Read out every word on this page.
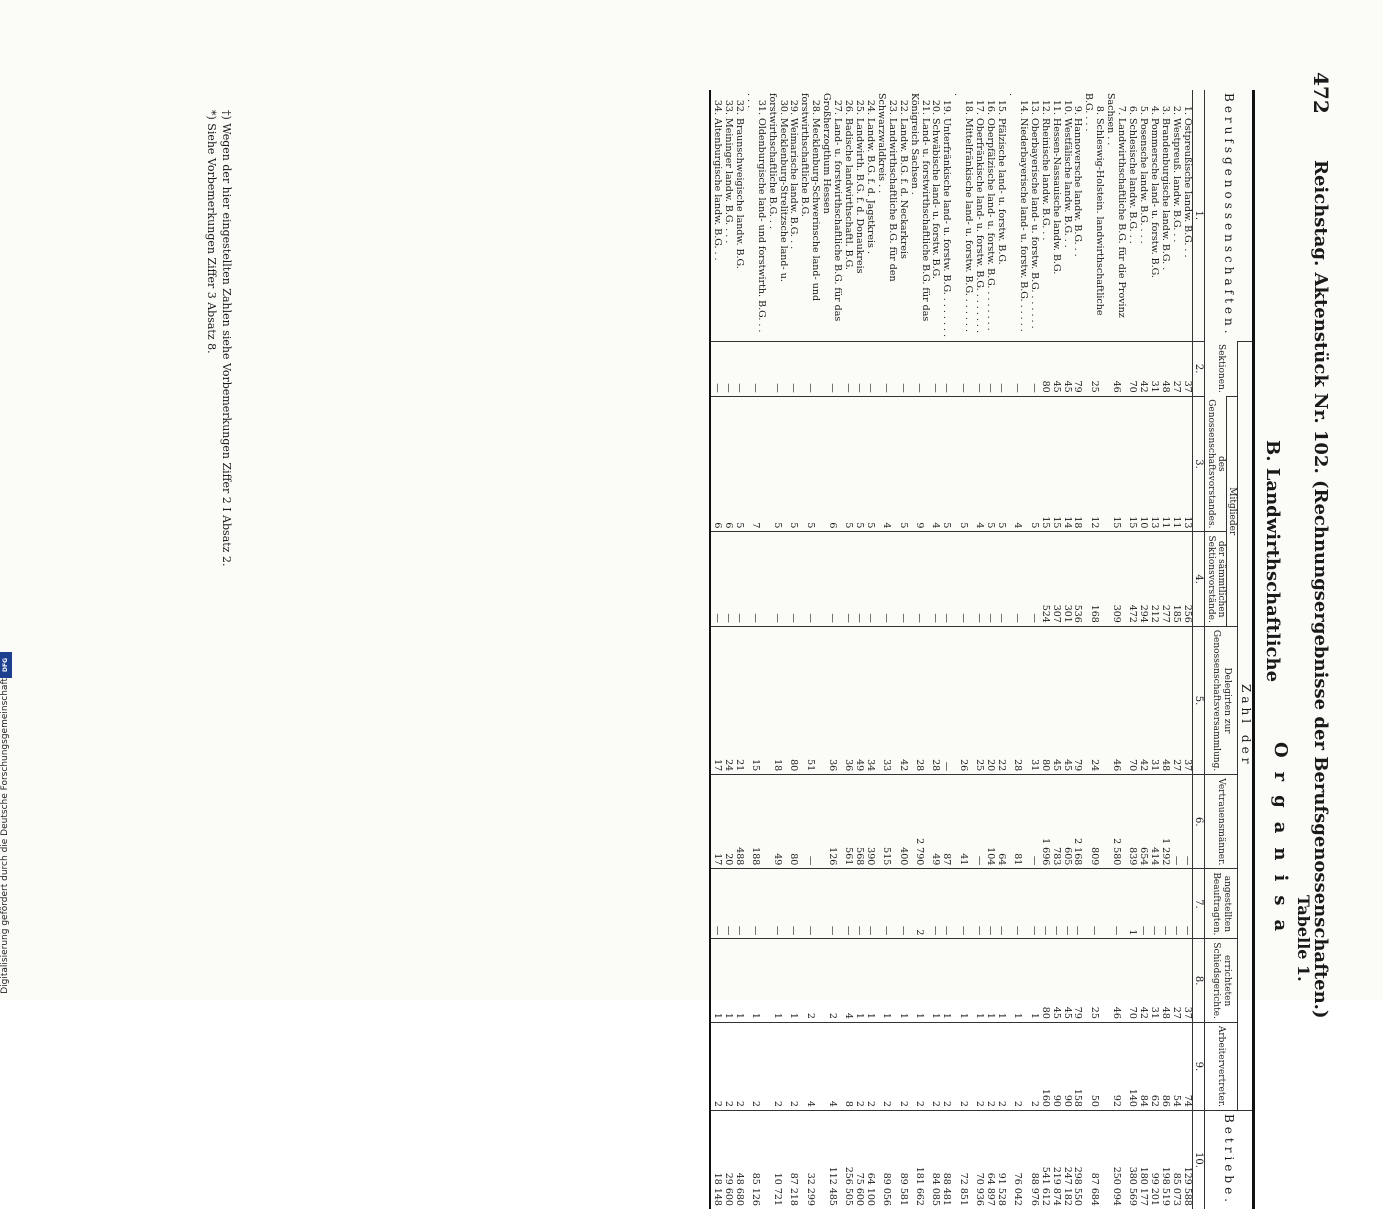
472
Reichstag. Aktenstück Nr. 102. (Rechnungsergebnisse der Berufsgenossenschaften.)
Tabelle 1.
Organisa
B. Landwirthschaftliche
Berufsgenossenschaften.	Zahl der								Betriebe.
	Sektionen.	Mitglieder		Delegirten zur Genossenschaftsversammlung.	Vertrauensmänner.	angestellten Beauftragten.	errichteten Schiedsgerichte.	Arbeitervertreter.	
		des Genossenschaftsvorstandes.	der sämmtlichen Sektionsvorstände.						
1.	2.	3.	4.	5.	6.	7.	8.	9.	10.
1.Ostpreußische landw. B.G. . .	37	13	256	37	—	—	37	74	129 588
2.Westpreuß. landw. B.G. . .	27	11	185	27	—	—	27	54	85 073
3.Brandenburgische landw. B.G. .	48	11	277	48	1 292	—	48	86	198 519
4.Pommersche land- u. forstw. B.G.	31	13	212	31	414	—	31	62	99 201
5.Posensche landw. B.G. . . .	42	10	294	42	654	—	42	84	180 177
6.Schlesische landw. B.G. . .	70	15	472	70	839	1	70	140	380 569
7.Landwirthschaftliche B.G. für die Provinz Sachsen . .	46	15	309	46	2 580	—	46	92	250 094
8.Schleswig-Holstein. landwirthschaftliche B.G. . . .	25	12	168	24	809	—	25	50	87 684
9.Hannoversche landw. B.G. . .	79	18	536	79	2 168	—	79	158	298 550
10.Westfälische landw. B.G. . .	45	14	301	45	605	—	45	90	247 182
11.Hessen-Nassauische landw. B.G.	45	15	307	45	783	—	45	90	219 874
12.Rheinische landw. B.G. . .	80	15	524	80	1 696	—	80	160	541 612
13.Oberbayerische land- u. forstw. B.G. . . . . . .	—	5	—	31	—	—	1	2	88 976
14.Niederbayerische land- u. forstw. B.G. . . . . . .	—	4	—	28	81	—	1	2	76 042
15.Pfälzische land- u. forstw. B.G.	—	5	—	22	64	—	1	2	91 528
16.Oberpfälzische land- u. forstw. B.G. . . . . . . .	—	5	—	20	104	—	1	2	64 897
17.Oberfränkische land- u. forstw. B.G. . . . . . . .	—	4	—	25	—	—	1	2	70 936
18.Mittelfränkische land- u. forstw. B.G. . . . . . . .	—	5	—	26	41	—	1	2	72 851
19.Unterfränkische land- u. forstw. B.G. . . . . . . .	—	5	—	—	87	—	1	2	88 481
20.Schwäbische land- u. forstw. B.G.	—	4	—	28	49	—	1	2	84 085
21.Land- u. forstwirthschaftliche B.G. für das Königreich Sachsen .	—	9	—	28	2 790	2	1	2	181 662
22.Landw. B.G. f. d. Neckarkreis	—	5	—	42	400	—	1	2	89 581
23.Landwirthschaftliche B.G. für den Schwarzwaldkreis . .	—	4	—	33	515	—	1	2	89 056
24.Landw. B.G. f. d. Jagstkreis .	—	5	—	34	390	—	1	2	64 100
25.Landwirth. B.G. f. d. Donaukreis	—	5	—	49	568	—	1	2	75 600
26.Badische landwirthschaftl. B.G.	—	5	—	36	561	—	4	8	256 505
27.Land- u. forstwirthschaftliche B.G. für das Großherzogthum Hessen	—	6	—	36	126	—	2	4	112 485
28.Mecklenburg-Schwerinsche land- und forstwirthschaftliche B.G.	—	5	—	51	—	—	2	4	32 299
29.Weimarische landw. B.G. . .	—	5	—	80	80	—	1	2	87 218
30.Mecklenburg-Strelitzsche land- u. forstwirthschaftliche B.G. . .	—	5	—	18	49	—	1	2	10 721
31.Oldenburgische land- und forstwirth. B.G. . . . . .	—	7	—	15	188	—	1	2	85 126
32.Braunschweigische landw. B.G.	—	5	—	21	488	—	1	2	48 680
33.Meininger landw. B.G. . . .	—	6	—	24	20	—	1	2	29 600
34.Altenburgische landw. B.G. . .	—	6	—	17	17	—	1	2	18 148

†) Wegen der hier eingestellten Zahlen siehe Vorbemerkungen Ziffer 2 I Absatz 2.

*) Siehe Vorbemerkungen Ziffer 3 Absatz 8.

Digitalisierung gefördert durch die Deutsche Forschungsgemeinschaft
DFG
